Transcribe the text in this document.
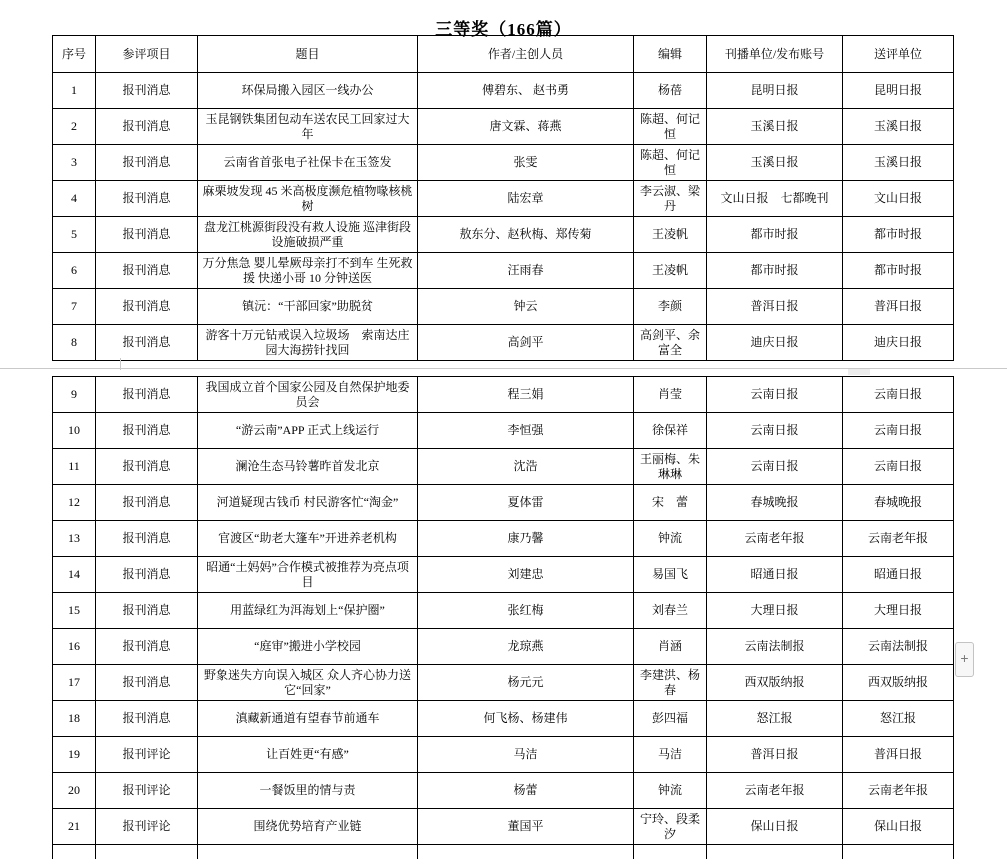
三等奖（166篇）
序号	参评项目	题目	作者/主创人员	编辑	刊播单位/发布账号	送评单位
1	报刊消息	环保局搬入园区一线办公	傅碧东、 赵书勇	杨蓓	昆明日报	昆明日报
2	报刊消息	玉昆钢铁集团包动车送农民工回家过大年	唐文霖、蒋燕	陈超、何记恒	玉溪日报	玉溪日报
3	报刊消息	云南省首张电子社保卡在玉签发	张雯	陈超、何记恒	玉溪日报	玉溪日报
4	报刊消息	麻栗坡发现 45 米高极度濒危植物喙核桃树	陆宏章	李云淑、梁丹	文山日报　七都晚刊	文山日报
5	报刊消息	盘龙江桃源街段没有救人设施 巡津街段设施破损严重	敖东分、赵秋梅、郑传菊	王凌帆	都市时报	都市时报
6	报刊消息	万分焦急 婴儿晕厥母亲打不到车 生死救援 快递小哥 10 分钟送医	汪雨春	王凌帆	都市时报	都市时报
7	报刊消息	镇沅：“干部回家”助脱贫	钟云	李颜	普洱日报	普洱日报
8	报刊消息	游客十万元钻戒误入垃圾场　索南达庄园大海捞针找回	高剑平	高剑平、余富全	迪庆日报	迪庆日报
9	报刊消息	我国成立首个国家公园及自然保护地委员会	程三娟	肖莹	云南日报	云南日报
10	报刊消息	“游云南”APP 正式上线运行	李恒强	徐保祥	云南日报	云南日报
11	报刊消息	澜沧生态马铃薯昨首发北京	沈浩	王丽梅、朱琳琳	云南日报	云南日报
12	报刊消息	河道疑现古钱币 村民游客忙“淘金”	夏体雷	宋　蕾	春城晚报	春城晚报
13	报刊消息	官渡区“助老大篷车”开进养老机构	康乃馨	钟流	云南老年报	云南老年报
14	报刊消息	昭通“土妈妈”合作模式被推荐为亮点项目	刘建忠	易国飞	昭通日报	昭通日报
15	报刊消息	用蓝绿红为洱海划上“保护圈”	张红梅	刘春兰	大理日报	大理日报
16	报刊消息	“庭审”搬进小学校园	龙琼燕	肖涵	云南法制报	云南法制报
17	报刊消息	野象迷失方向误入城区 众人齐心协力送它“回家”	杨元元	李建洪、杨春	西双版纳报	西双版纳报
18	报刊消息	滇藏新通道有望春节前通车	何飞杨、杨建伟	彭四福	怒江报	怒江报
19	报刊评论	让百姓更“有感”	马洁	马洁	普洱日报	普洱日报
20	报刊评论	一餐饭里的情与责	杨蕾	钟流	云南老年报	云南老年报
21	报刊评论	围绕优势培育产业链	董国平	宁玲、段柔汐	保山日报	保山日报

+
